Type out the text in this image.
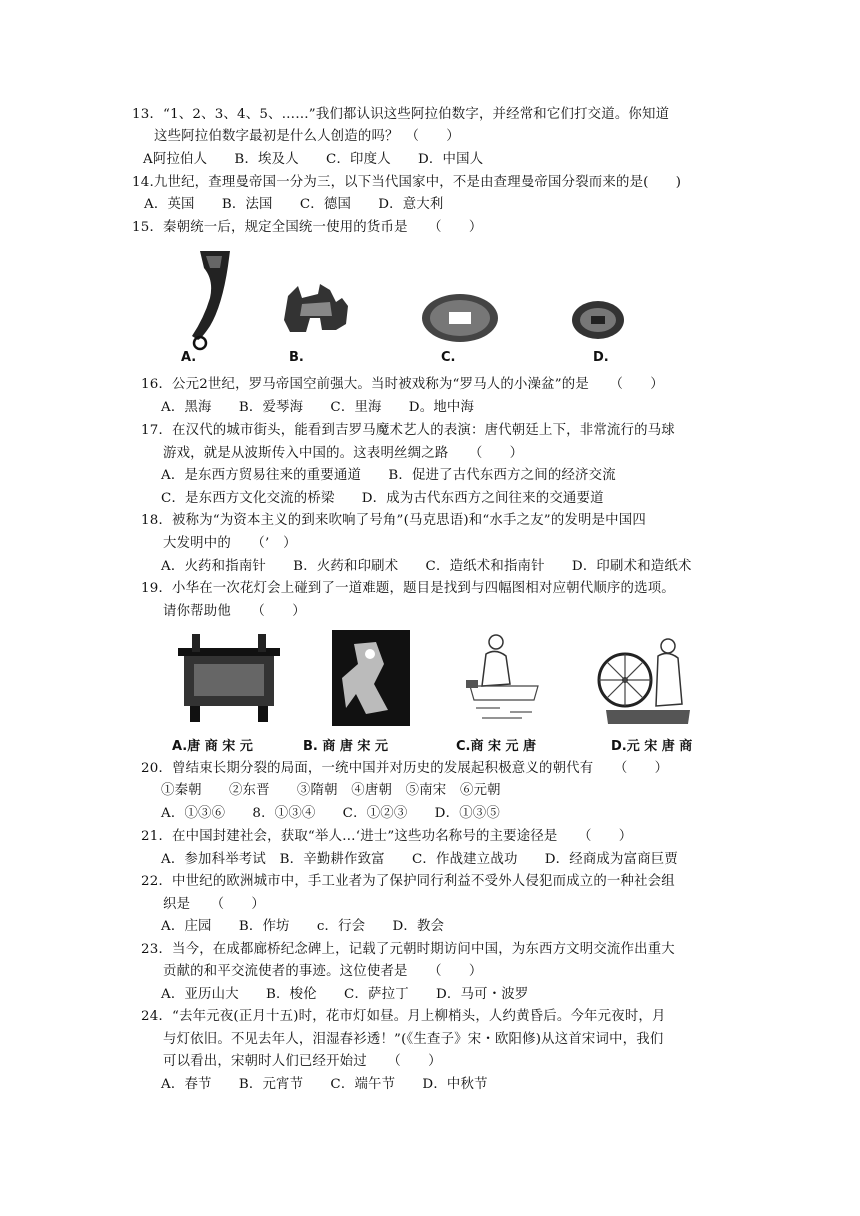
13．“1、2、3、4、5、……”我们都认识这些阿拉伯数字，并经常和它们打交道。你知道
这些阿拉伯数字最初是什么人创造的吗？　（　　）
A阿拉伯人　　B．埃及人　　C．印度人　　D．中国人
14.九世纪，查理曼帝国一分为三，以下当代国家中，不是由查理曼帝国分裂而来的是(　　)
A．英国　　B．法国　　C．德国　　D．意大利
15．秦朝统一后，规定全国统一使用的货币是　　（　　）
A.	B.	C.	D.
16．公元2世纪，罗马帝国空前强大。当时被戏称为“罗马人的小澡盆”的是　　（　　）
A．黑海　　B．爱琴海　　C．里海　　D。地中海
17．在汉代的城市街头，能看到吉罗马魔术艺人的表演：唐代朝廷上下，非常流行的马球
游戏，就是从波斯传入中国的。这表明丝绸之路　　（　　）
A．是东西方贸易往来的重要通道　　B．促进了古代东西方之间的经济交流
C．是东西方文化交流的桥梁　　D．成为古代东西方之间往来的交通要道
18．被称为“为资本主义的到来吹响了号角”(马克思语)和“水手之友”的发明是中国四
大发明中的　　（’　）
A．火药和指南针　　B．火药和印刷术　　C．造纸术和指南针　　D．印刷术和造纸术
19．小华在一次花灯会上碰到了一道难题，题目是找到与四幅图相对应朝代顺序的选项。
请你帮助他　　（　　）
A.唐 商 宋 元	B. 商 唐 宋 元	C.商 宋 元 唐	D.元 宋 唐 商
20．曾结束长期分裂的局面，一统中国并对历史的发展起积极意义的朝代有　　（　　）
①秦朝　　②东晋　　③隋朝　④唐朝　⑤南宋　⑥元朝
A．①③⑥　　8．①③④　　C．①②③　　D．①③⑤
21．在中国封建社会，获取“举人…‘进士”这些功名称号的主要途径是　　（　　）
A．参加科举考试　B．辛勤耕作致富　　C．作战建立战功　　D．经商成为富商巨贾
22．中世纪的欧洲城市中，手工业者为了保护同行利益不受外人侵犯而成立的一种社会组
织是　　（　　）
A．庄园　　B．作坊　　c．行会　　D．教会
23．当今，在成都廊桥纪念碑上，记载了元朝时期访问中国，为东西方文明交流作出重大
贡献的和平交流使者的事迹。这位使者是　　（　　）
A．亚历山大　　B．梭伦　　C．萨拉丁　　D．马可・波罗
24．“去年元夜(正月十五)时，花市灯如昼。月上柳梢头，人约黄昏后。今年元夜时，月
与灯依旧。不见去年人，泪湿春衫透！”(《生查子》宋・欧阳修)从这首宋词中，我们
可以看出，宋朝时人们已经开始过　　（　　）
A．春节　　B．元宵节　　C．端午节　　D．中秋节
